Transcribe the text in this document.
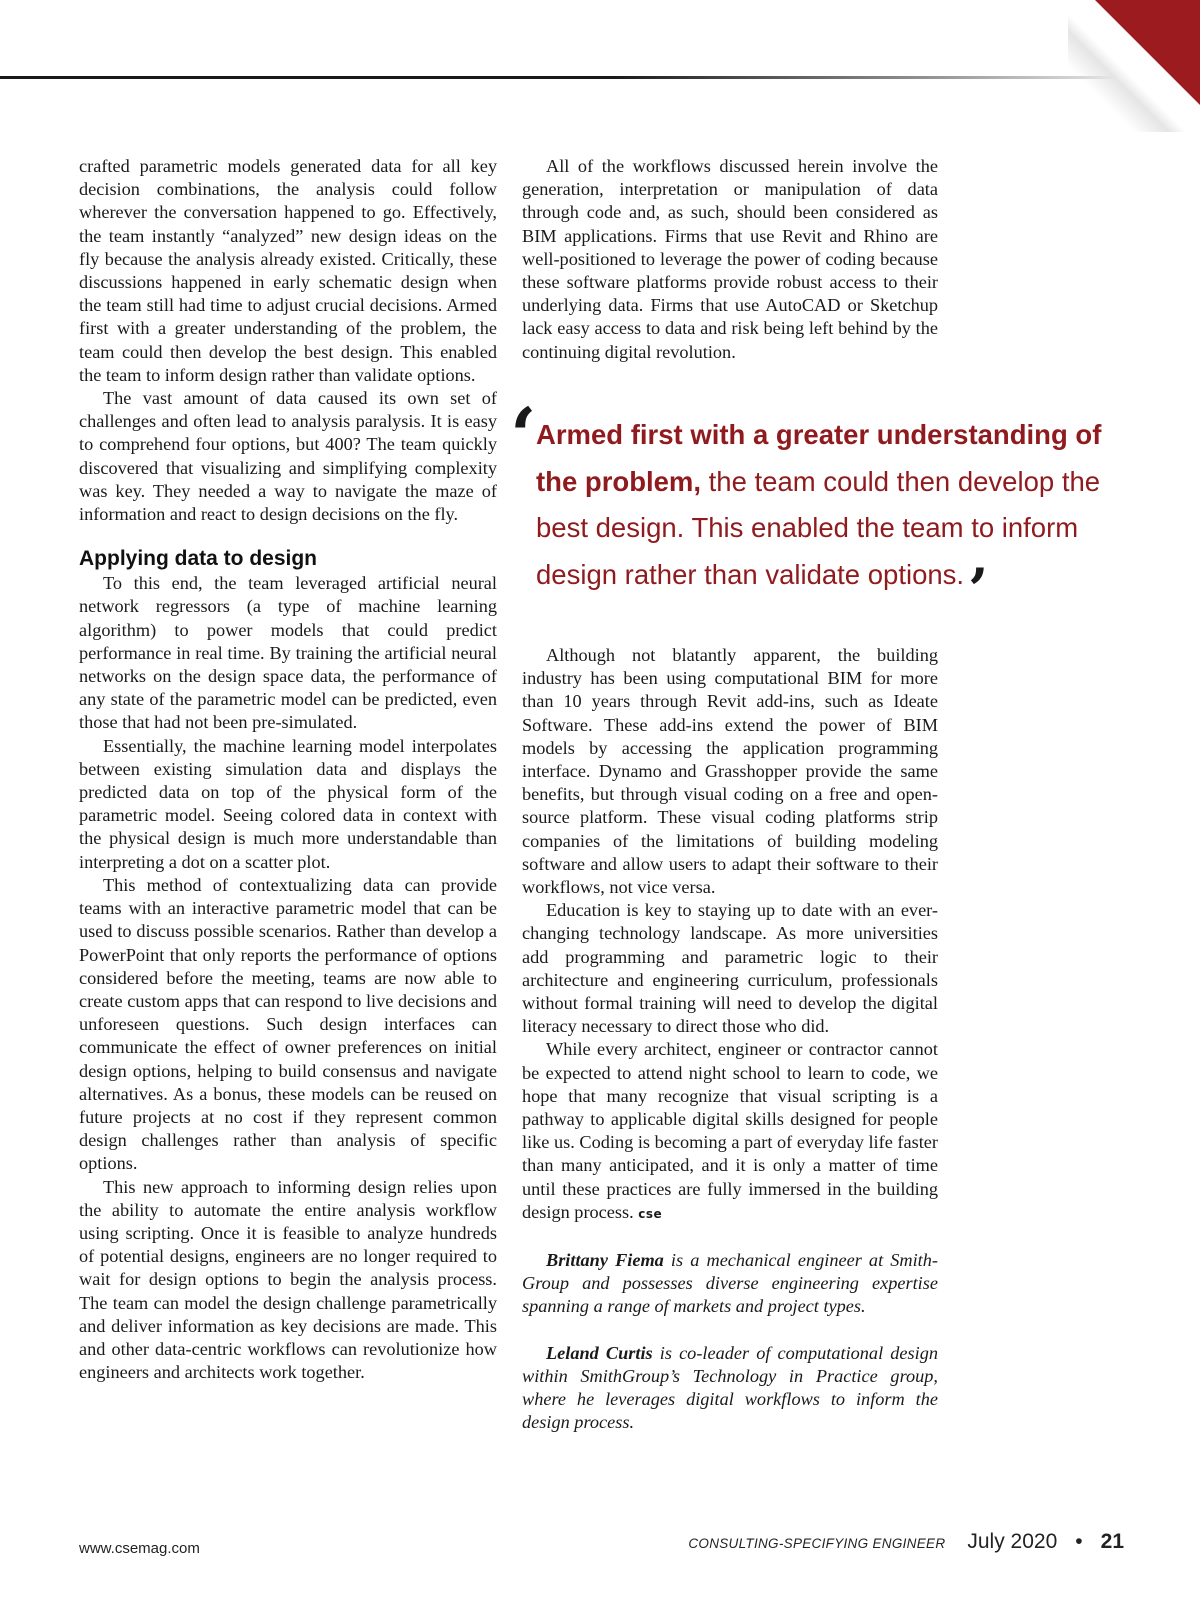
crafted parametric models generated data for all key decision combinations, the analysis could follow wherever the conversation happened to go. Effectively, the team instantly “analyzed” new design ideas on the fly because the analysis already existed. Critically, these discussions happened in early schematic design when the team still had time to adjust crucial decisions. Armed first with a greater understanding of the problem, the team could then develop the best design. This enabled the team to inform design rather than validate options.

The vast amount of data caused its own set of challenges and often lead to analysis paralysis. It is easy to comprehend four options, but 400? The team quickly discovered that visualizing and simplifying complexity was key. They needed a way to navigate the maze of information and react to design decisions on the fly.

Applying data to design

To this end, the team leveraged artificial neural network regressors (a type of machine learning algorithm) to power models that could predict performance in real time. By training the artificial neural networks on the design space data, the performance of any state of the parametric model can be predicted, even those that had not been pre-simulated.

Essentially, the machine learning model interpolates between existing simulation data and displays the predicted data on top of the physical form of the parametric model. Seeing colored data in context with the physical design is much more understandable than interpreting a dot on a scatter plot.

This method of contextualizing data can provide teams with an interactive parametric model that can be used to discuss possible scenarios. Rather than develop a PowerPoint that only reports the performance of options considered before the meeting, teams are now able to create custom apps that can respond to live decisions and unforeseen questions. Such design interfaces can communicate the effect of owner preferences on initial design options, helping to build consensus and navigate alternatives. As a bonus, these models can be reused on future projects at no cost if they represent common design challenges rather than analysis of specific options.

This new approach to informing design relies upon the ability to automate the entire analysis workflow using scripting. Once it is feasible to analyze hundreds of potential designs, engineers are no longer required to wait for design options to begin the analysis process. The team can model the design challenge parametrically and deliver information as key decisions are made. This and other data-centric workflows can revolutionize how engineers and architects work together.

All of the workflows discussed herein involve the generation, interpretation or manipulation of data through code and, as such, should been considered as BIM applications. Firms that use Revit and Rhino are well-positioned to leverage the power of coding because these software platforms provide robust access to their underlying data. Firms that use AutoCAD or Sketchup lack easy access to data and risk being left behind by the continuing digital revolution.

‘ Armed first with a greater understanding of the problem, the team could then develop the best design. This enabled the team to inform design rather than validate options.’

Although not blatantly apparent, the building industry has been using computational BIM for more than 10 years through Revit add-ins, such as Ideate Software. These add-ins extend the power of BIM models by accessing the application programming interface. Dynamo and Grasshopper provide the same benefits, but through visual coding on a free and open-source platform. These visual coding platforms strip companies of the limitations of building modeling software and allow users to adapt their software to their workflows, not vice versa.

Education is key to staying up to date with an ever-changing technology landscape. As more universities add programming and parametric logic to their architecture and engineering curriculum, professionals without formal training will need to develop the digital literacy necessary to direct those who did.

While every architect, engineer or contractor cannot be expected to attend night school to learn to code, we hope that many recognize that visual scripting is a pathway to applicable digital skills designed for people like us. Coding is becoming a part of everyday life faster than many anticipated, and it is only a matter of time until these practices are fully immersed in the building design process. cse

Brittany Fiema is a mechanical engineer at SmithGroup and possesses diverse engineering expertise spanning a range of markets and project types.

Leland Curtis is co-leader of computational design within SmithGroup’s Technology in Practice group, where he leverages digital workflows to inform the design process.

www.csemag.com	CONSULTING-SPECIFYING ENGINEER July 2020 • 21
